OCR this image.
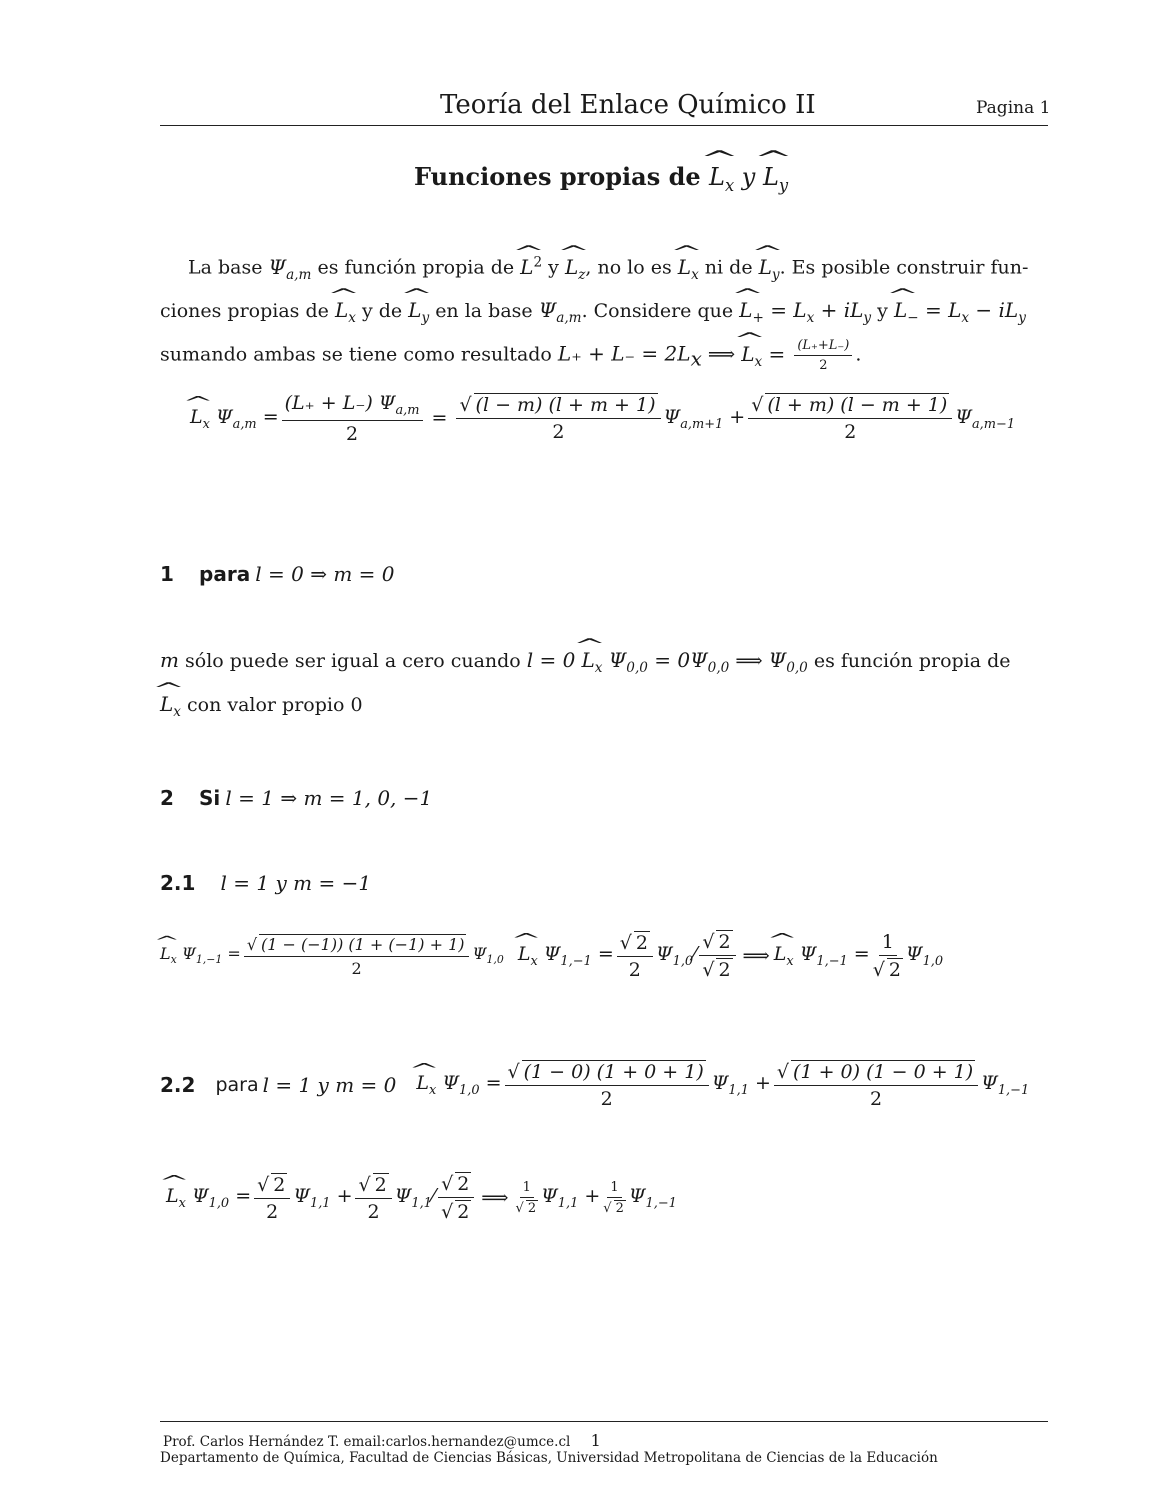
Teoría del Enlace Químico II	Pagina 1
Funciones propias de ^ $L_x$ y ^ $L_y$
La base $\Psi_{a,m}$ es función propia de ^ $L^2$ y ^ $L_z$, no lo es ^ $L_x$ ni de ^ $L_y$. Es posible construir fun-
ciones propias de ^ $L_x$ y de ^ $L_y$ en la base $\Psi_{a,m}$. Considere que ^ $L_+ = L_x + iL_y$ y ^ $L_- = L_x - iL_y$
sumando ambas se tiene como resultado $L_+ + L_- = 2L_x$ ⟹ ^ $L_x = \frac{(L_++L_-)}{2}$ .
^ $L_x$ $\Psi_{a,m} = \frac{(L_+ + L_-) \Psi_{a,m}}{2} = \frac{√ (l - m) (l + m + 1)}{2} \Psi_{a,m+1} + \frac{√ (l + m) (l - m + 1)}{2} \Psi_{a,m-1}$
1 para l = 0 ⇒ m = 0
m sólo puede ser igual a cero cuando l = 0 ^ $L_x$ $\Psi_{0,0} = 0\Psi_{0,0}$ ⟹ $\Psi_{0,0}$ es función propia de
^ $L_x$ con valor propio 0
2 Si l = 1 ⇒ m = 1, 0, −1
2.1 l = 1 y m = −1
^ $L_x$ $\Psi_{1,-1} = \frac{√ (1 - (-1)) (1 + (-1) + 1)}{2} \Psi_{1,0}$ ^ $L_x$ $\Psi_{1,-1} = \frac{√ 2}{2}$ $\Psi_{1,0}⁄ \frac{√ 2}{√ 2}$ ⟹ ^ $L_x$ $\Psi_{1,-1} = \frac{1}{√ 2} \Psi_{1,0}$
2.2 para l = 1 y m = 0 ^ $L_x$ $\Psi_{1,0} = \frac{√ (1 - 0) (1 + 0 + 1)}{2} \Psi_{1,1} + \frac{√ (1 + 0) (1 - 0 + 1)}{2} \Psi_{1,-1}$
^ $L_x$ $\Psi_{1,0} = \frac{√ 2}{2} \Psi_{1,1} + \frac{√ 2}{2}$ $\Psi_{1,1}⁄ \frac{√ 2}{√ 2}$ ⟹ $\frac{1}{√ 2} \Psi_{1,1} + \frac{1}{√ 2} \Psi_{1,-1}$
Prof. Carlos Hernández T. email:carlos.hernandez@umce.cl 1
Departamento de Química, Facultad de Ciencias Básicas, Universidad Metropolitana de Ciencias de la Educación
